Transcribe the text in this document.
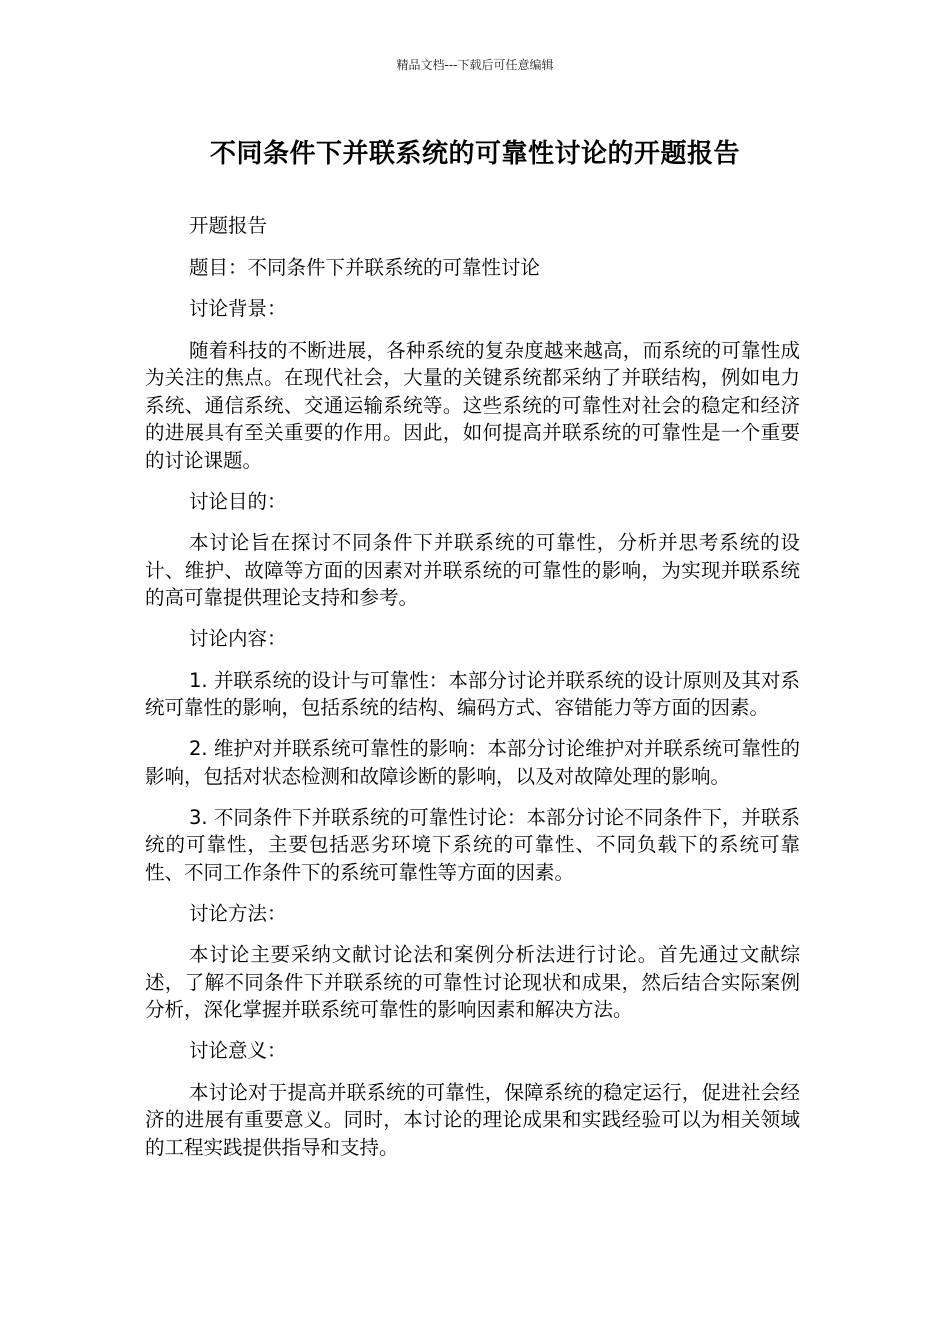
精品文档---下载后可任意编辑
不同条件下并联系统的可靠性讨论的开题报告

开题报告

题目：不同条件下并联系统的可靠性讨论

讨论背景：

随着科技的不断进展，各种系统的复杂度越来越高，而系统的可靠性成为关注的焦点。在现代社会，大量的关键系统都采纳了并联结构，例如电力系统、通信系统、交通运输系统等。这些系统的可靠性对社会的稳定和经济的进展具有至关重要的作用。因此，如何提高并联系统的可靠性是一个重要的讨论课题。

讨论目的：

本讨论旨在探讨不同条件下并联系统的可靠性，分析并思考系统的设计、维护、故障等方面的因素对并联系统的可靠性的影响，为实现并联系统的高可靠提供理论支持和参考。

讨论内容：

1. 并联系统的设计与可靠性：本部分讨论并联系统的设计原则及其对系统可靠性的影响，包括系统的结构、编码方式、容错能力等方面的因素。

2. 维护对并联系统可靠性的影响：本部分讨论维护对并联系统可靠性的影响，包括对状态检测和故障诊断的影响，以及对故障处理的影响。

3. 不同条件下并联系统的可靠性讨论：本部分讨论不同条件下，并联系统的可靠性，主要包括恶劣环境下系统的可靠性、不同负载下的系统可靠性、不同工作条件下的系统可靠性等方面的因素。

讨论方法：

本讨论主要采纳文献讨论法和案例分析法进行讨论。首先通过文献综述，了解不同条件下并联系统的可靠性讨论现状和成果，然后结合实际案例分析，深化掌握并联系统可靠性的影响因素和解决方法。

讨论意义：

本讨论对于提高并联系统的可靠性，保障系统的稳定运行，促进社会经济的进展有重要意义。同时，本讨论的理论成果和实践经验可以为相关领域的工程实践提供指导和支持。
